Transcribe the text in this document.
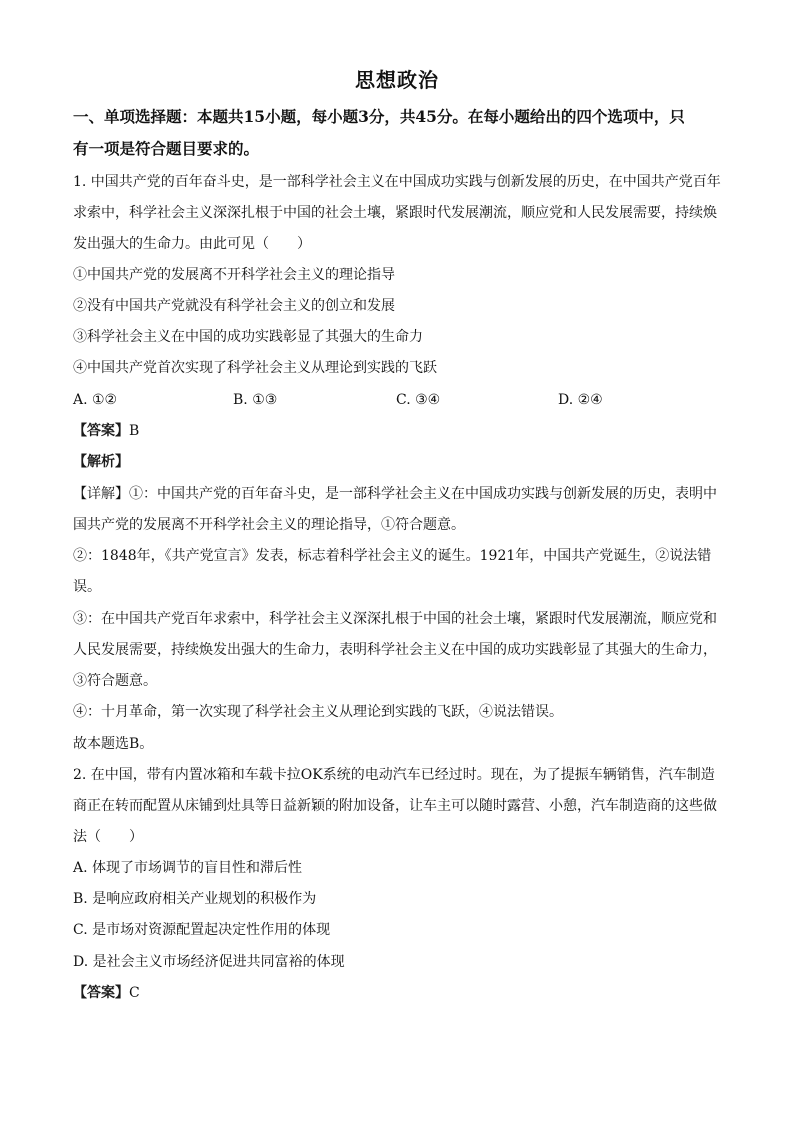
思想政治
一、单项选择题：本题共15小题，每小题3分，共45分。在每小题给出的四个选项中，只
有一项是符合题目要求的。
1. 中国共产党的百年奋斗史，是一部科学社会主义在中国成功实践与创新发展的历史，在中国共产党百年
求索中，科学社会主义深深扎根于中国的社会土壤，紧跟时代发展潮流，顺应党和人民发展需要，持续焕
发出强大的生命力。由此可见（　　）
①中国共产党的发展离不开科学社会主义的理论指导
②没有中国共产党就没有科学社会主义的创立和发展
③科学社会主义在中国的成功实践彰显了其强大的生命力
④中国共产党首次实现了科学社会主义从理论到实践的飞跃
A. ①②	B. ①③	C. ③④	D. ②④
【答案】B
【解析】
【详解】①：中国共产党的百年奋斗史，是一部科学社会主义在中国成功实践与创新发展的历史，表明中
国共产党的发展离不开科学社会主义的理论指导，①符合题意。
②：1848年，《共产党宣言》发表，标志着科学社会主义的诞生。1921年，中国共产党诞生，②说法错
误。
③：在中国共产党百年求索中，科学社会主义深深扎根于中国的社会土壤，紧跟时代发展潮流，顺应党和
人民发展需要，持续焕发出强大的生命力，表明科学社会主义在中国的成功实践彰显了其强大的生命力，
③符合题意。
④：十月革命，第一次实现了科学社会主义从理论到实践的飞跃，④说法错误。
故本题选B。
2. 在中国，带有内置冰箱和车载卡拉OK系统的电动汽车已经过时。现在，为了提振车辆销售，汽车制造
商正在转而配置从床铺到灶具等日益新颖的附加设备，让车主可以随时露营、小憩，汽车制造商的这些做
法（　　）
A. 体现了市场调节的盲目性和滞后性
B. 是响应政府相关产业规划的积极作为
C. 是市场对资源配置起决定性作用的体现
D. 是社会主义市场经济促进共同富裕的体现
【答案】C
